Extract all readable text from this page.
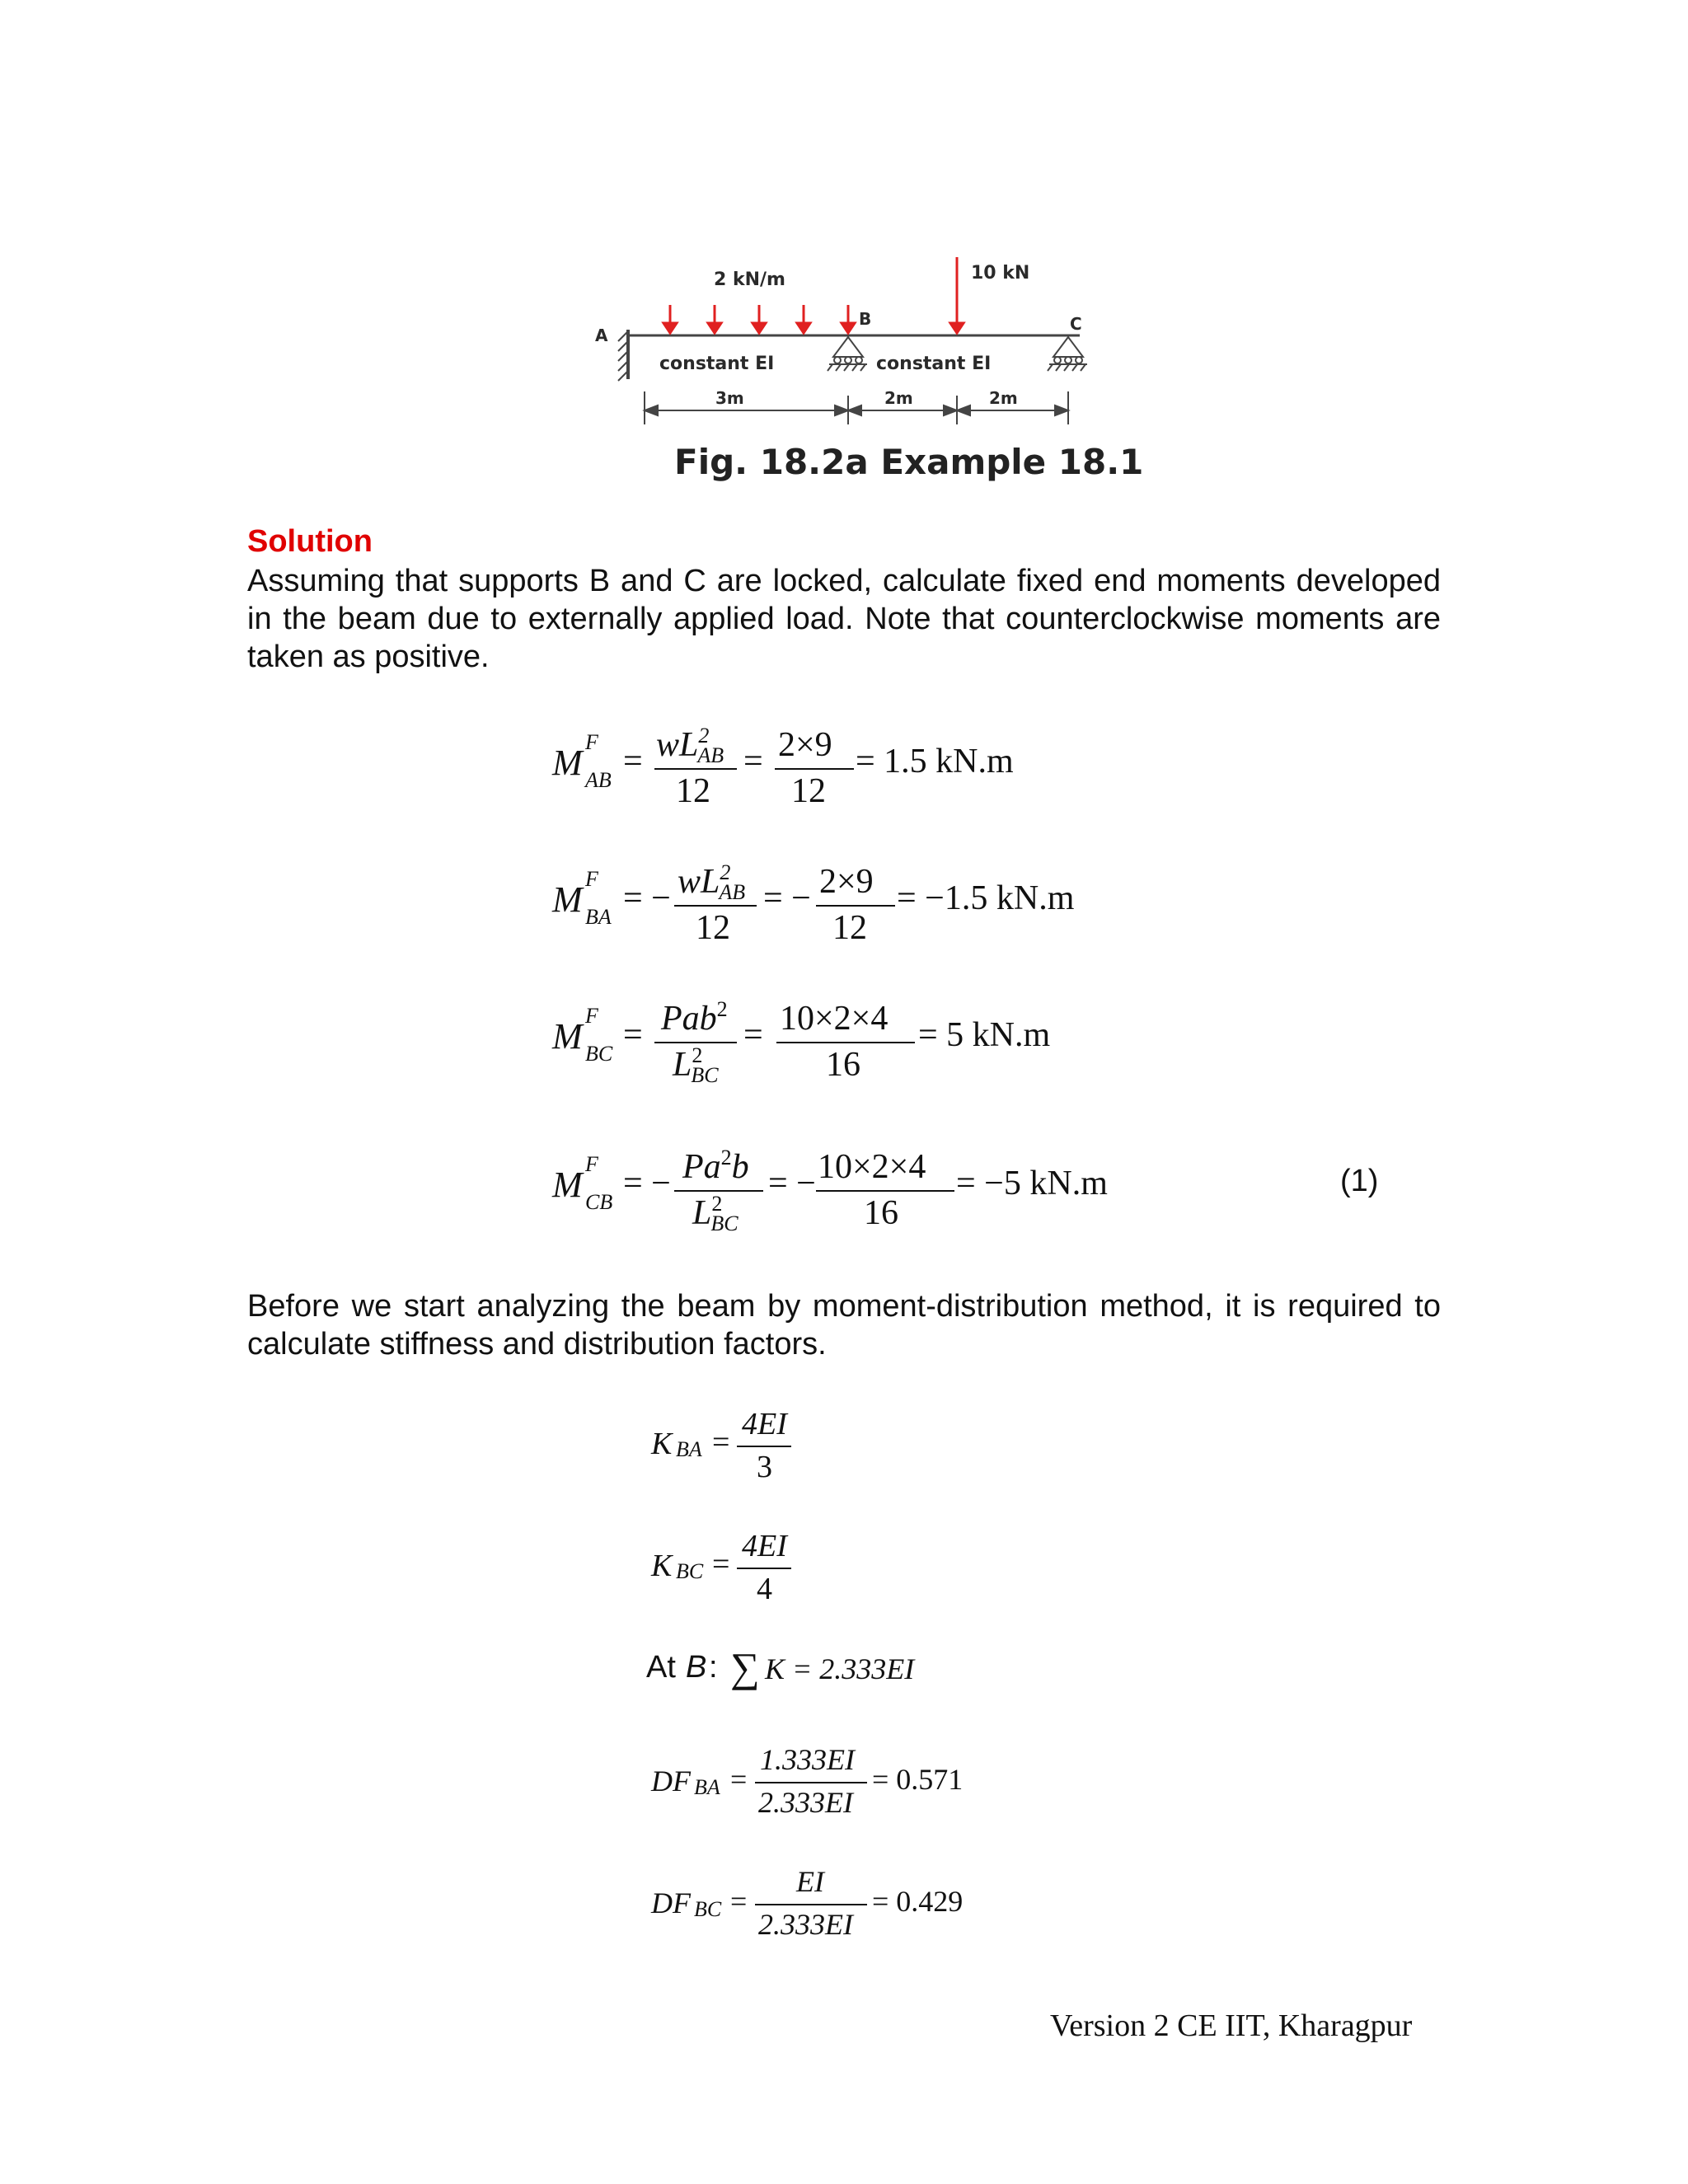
A
B	C
2 kN/m	10 kN
constant EI	constant EI
3m	2m	2m
Fig. 18.2a Example 18.1
Solution
Assuming that supports B and C are locked, calculate fixed end moments developed in the beam due to externally applied load. Note that counterclockwise moments are taken as positive.
M
F
AB = $wL^2AB$
12
= 2×9
12
= 1.5 kN.m
M
F
BA = − $wL^2AB$
12
= − 2×9
12
= −1.5 kN.m
M
F
BC = Pab$^2$
$L^2BC$
= 10×2×4
16
= 5 kN.m
M
F
CB = − $Pa^2b$
$L^2BC$
= − 10×2×4
16
= −5 kN.m	(1)
Before we start analyzing the beam by moment-distribution method, it is required to calculate stiffness and distribution factors.
K BA =
4EI
3
K BC =
4EI
4
At B : ∑ K = 2.333EI
DF BA =
1.333EI
2.333EI
= 0.571
DF BC =
EI
2.333EI
= 0.429
Version 2 CE IIT, Kharagpur
